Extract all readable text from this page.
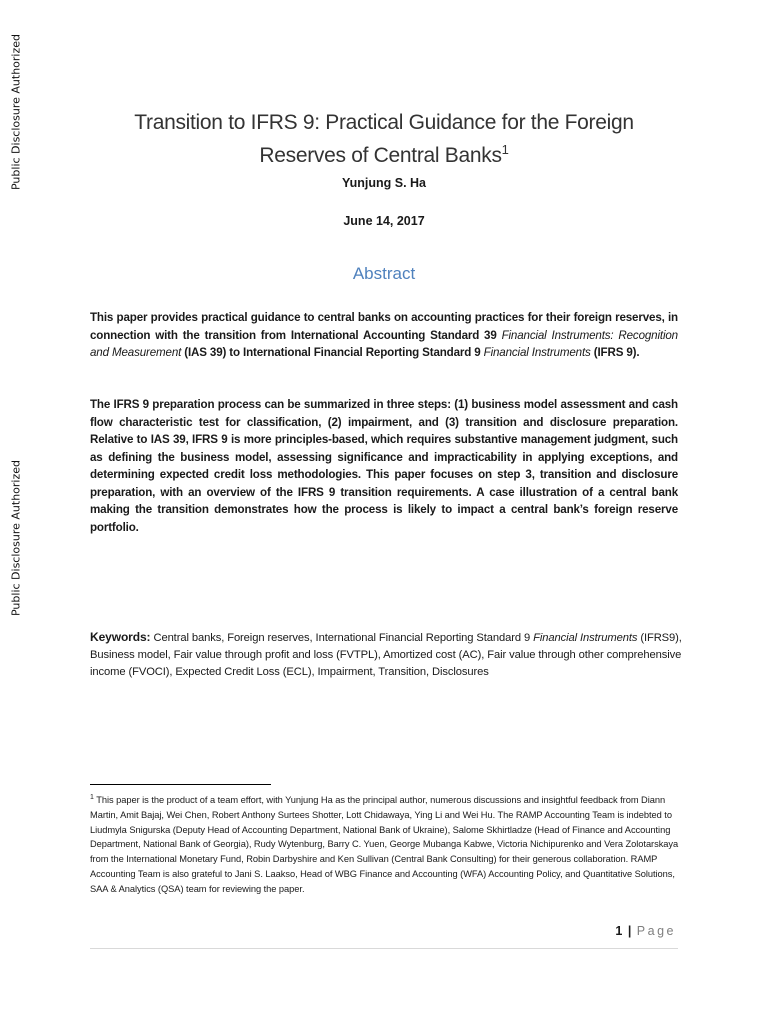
Public Disclosure Authorized
Public Disclosure Authorized
Transition to IFRS 9: Practical Guidance for the Foreign
Reserves of Central Banks$^1$
Yunjung S. Ha
June 14, 2017
Abstract

This paper provides practical guidance to central banks on accounting practices for their foreign reserves, in connection with the transition from International Accounting Standard 39 Financial Instruments: Recognition and Measurement (IAS 39) to International Financial Reporting Standard 9 Financial Instruments (IFRS 9).

The IFRS 9 preparation process can be summarized in three steps: (1) business model assessment and cash flow characteristic test for classification, (2) impairment, and (3) transition and disclosure preparation. Relative to IAS 39, IFRS 9 is more principles-based, which requires substantive management judgment, such as defining the business model, assessing significance and impracticability in applying exceptions, and determining expected credit loss methodologies. This paper focuses on step 3, transition and disclosure preparation, with an overview of the IFRS 9 transition requirements. A case illustration of a central bank making the transition demonstrates how the process is likely to impact a central bank’s foreign reserve portfolio.

Keywords: Central banks, Foreign reserves, International Financial Reporting Standard 9 Financial Instruments (IFRS9), Business model, Fair value through profit and loss (FVTPL), Amortized cost (AC), Fair value through other comprehensive income (FVOCI), Expected Credit Loss (ECL), Impairment, Transition, Disclosures

$^1$ This paper is the product of a team effort, with Yunjung Ha as the principal author, numerous discussions and insightful feedback from Diann Martin, Amit Bajaj, Wei Chen, Robert Anthony Surtees Shotter, Lott Chidawaya, Ying Li and Wei Hu. The RAMP Accounting Team is indebted to Liudmyla Snigurska (Deputy Head of Accounting Department, National Bank of Ukraine), Salome Skhirtladze (Head of Finance and Accounting Department, National Bank of Georgia), Rudy Wytenburg, Barry C. Yuen, George Mubanga Kabwe, Victoria Nichipurenko and Vera Zolotarskaya from the International Monetary Fund, Robin Darbyshire and Ken Sullivan (Central Bank Consulting) for their generous collaboration. RAMP Accounting Team is also grateful to Jani S. Laakso, Head of WBG Finance and Accounting (WFA) Accounting Policy, and Quantitative Solutions, SAA & Analytics (QSA) team for reviewing the paper.

1 | Page
